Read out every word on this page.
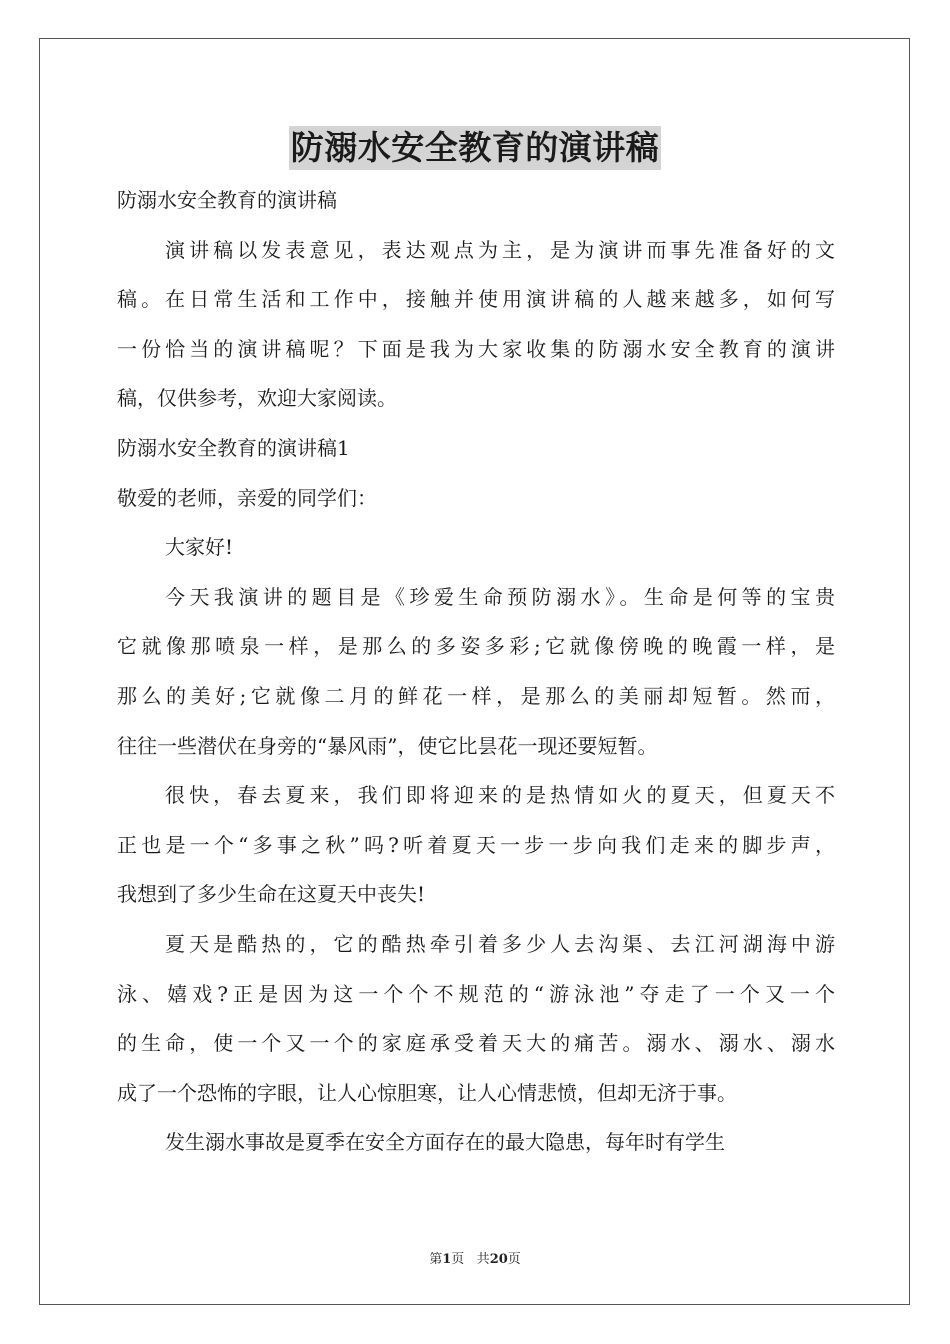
防溺水安全教育的演讲稿
防溺水安全教育的演讲稿
演讲稿以发表意见，表达观点为主，是为演讲而事先准备好的文
稿。在日常生活和工作中，接触并使用演讲稿的人越来越多，如何写
一份恰当的演讲稿呢？下面是我为大家收集的防溺水安全教育的演讲
稿，仅供参考，欢迎大家阅读。
防溺水安全教育的演讲稿1
敬爱的老师，亲爱的同学们：
大家好!
今天我演讲的题目是《珍爱生命预防溺水》。生命是何等的宝贵
它就像那喷泉一样，是那么的多姿多彩;它就像傍晚的晚霞一样，是
那么的美好;它就像二月的鲜花一样，是那么的美丽却短暂。然而，
往往一些潜伏在身旁的“暴风雨”，使它比昙花一现还要短暂。
很快，春去夏来，我们即将迎来的是热情如火的夏天，但夏天不
正也是一个“多事之秋”吗?听着夏天一步一步向我们走来的脚步声，
我想到了多少生命在这夏天中丧失!
夏天是酷热的，它的酷热牵引着多少人去沟渠、去江河湖海中游
泳、嬉戏?正是因为这一个个不规范的“游泳池”夺走了一个又一个
的生命，使一个又一个的家庭承受着天大的痛苦。溺水、溺水、溺水
成了一个恐怖的字眼，让人心惊胆寒，让人心情悲愤，但却无济于事。
发生溺水事故是夏季在安全方面存在的最大隐患，每年时有学生
第1页 共20页
